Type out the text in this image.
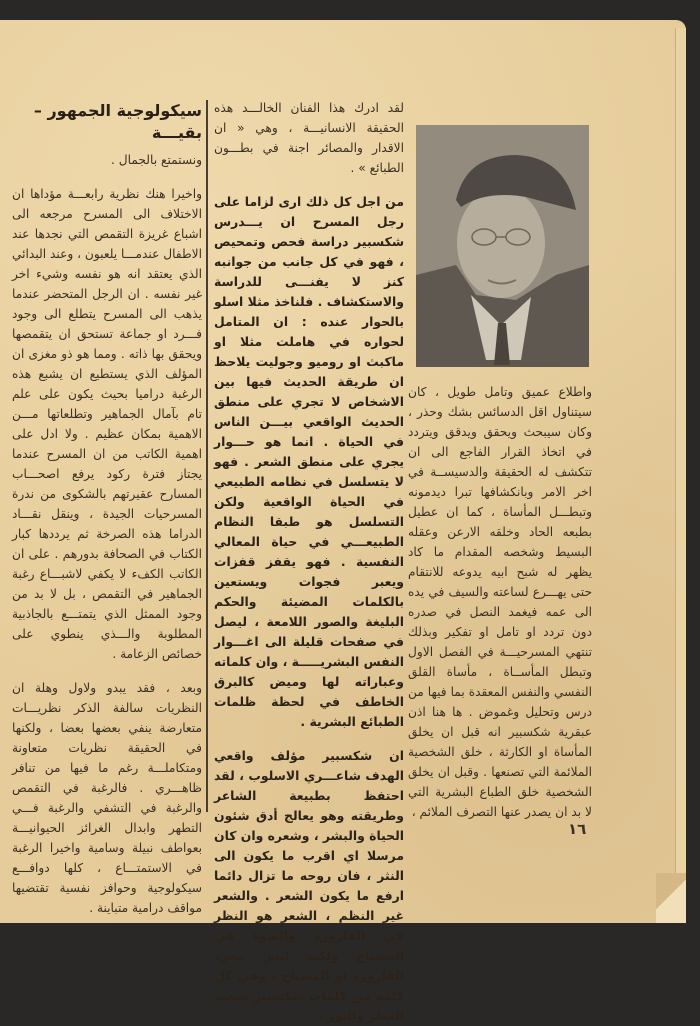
سيكولوجية الجمهور – بقيـــة

ونستمتع بالجمال .

واخيرا هنك نظرية رابعـــة مؤداها ان الاختلاف الى المسرح مرجعه الى اشباع غريزة التقمص التي نجدها عند الاطفال عندمـــا يلعبون ، وعند البدائي الذي يعتقد انه هو نفسه وشيء اخر غير نفسه . ان الرجل المتحضر عندما يذهب الى المسرح يتطلع الى وجود فـــرد او جماعة تستحق ان يتقمصها ويحقق بها ذاته . ومما هو ذو مغزى ان المؤلف الذي يستطيع ان يشبع هذه الرغبة دراميا بحيث يكون على علم تام بآمال الجماهير وتطلعاتها مـــن الاهمية بمكان عظيم . ولا ادل على اهمية الكاتب من ان المسرح عندما يجتاز فترة ركود يرفع اصحـــاب المسارح عقيرتهم بالشكوى من ندرة المسرحيات الجيدة ، وينقل نقـــاد الدراما هذه الصرخة ثم يرددها كبار الكتاب في الصحافة بدورهم . على ان الكاتب الكفء لا يكفي لاشبـــاع رغبة الجماهير في التقمص ، بل لا بد من وجود الممثل الذي يتمتـــع بالجاذبية المطلوبة والـــذي ينطوي على خصائص الزعامة .

وبعد ، فقد يبدو ولاول وهلة ان النظريات سالفة الذكر نظريـــات متعارضة ينفي بعضها بعضا ، ولكنها في الحقيقة نظريات متعاونة ومتكاملـــة رغم ما فيها من تنافر ظاهـــري . فالرغبة في التقمص والرغبة في التشفي والرغبة فـــي التطهر وابدال الغرائز الحيوانيـــة بعواطف نبيلة وسامية واخيرا الرغبة في الاستمتـــاع ، كلها دوافـــع سيكولوجية وحوافز نفسية تقتضيها مواقف درامية متباينة .

لقد ادرك هذا الفنان الخالـــد هذه الحقيقة الانسانيـــة ، وهي « ان الاقدار والمصائر اجنة في بطـــون الطبائع » .

من اجل كل ذلك ارى لزاما على رجل المسرح ان يـــدرس شكسبير دراسة فحص وتمحيص ، فهو في كل جانب من جوانبه كنز لا يفنـــى للدراسة والاستكشاف . فلناخذ مثلا اسلو بالحوار عنده : ان المتامل لحواره في هاملت مثلا او ماكبث او روميو وجوليت يلاحظ ان طريقة الحديث فيها بين الاشخاص لا تجري على منطق الحديث الواقعي بيـــن الناس في الحياة . انما هو حـــوار يجري على منطق الشعر . فهو لا يتسلسل في نظامه الطبيعي في الحياة الواقعية ولكن التسلسل هو طبقا النظام الطبيعـــي في حياة المعالي النفسية . فهو يقفز قفزات ويعبر فجوات ويستعين بالكلمات المضيئة والحكم البليغة والصور اللامعة ، ليصل في صفحات قليلة الى اغـــوار النفس البشريـــــة ، وان كلماته وعباراته لها وميض كالبرق الخاطف في لحظة ظلمات الطبائع البشرية .

ان شكسبير مؤلف واقعي الهدف شاعـــري الاسلوب ، لقد احتفظ بطبيعة الشاعر وطريقته وهو يعالج أدق شئون الحياة والبشر ، وشعره وان كان مرسلا اي اقرب ما يكون الى النثر ، فان روحه ما تزال دائما ارفع ما يكون الشعر . والشعر غير النظم ، الشعر هو النظر في القارورة والضوء في المصباح ولكنه ليس مجرد القارورة او المصباح ، وفي كل كلمة من كلمات شكسبير ينبعث العطر والنور .

واطلاع عميق وتامل طويل ، كان سيتناول اقل الدسائس بشك وحذر ، وكان سيبحث ويحقق ويدقق ويتردد في اتخاذ القرار الفاجع الى ان تتكشف له الحقيقة والدسيســة في اخر الامر وبانكشافها تبرا ديدمونه وتبطـــل المأساة ، كما ان عطيل بطبعه الحاد وخلقه الارعن وعقله البسيط وشخصه المقدام ما كاد يظهر له شبح ابيه يدوعه للانتقام حتى يهـــرع لساعته والسيف في يده الى عمه فيغمد النصل في صدره دون تردد او تامل او تفكير وبذلك تنتهي المسرحيـــة في الفصل الاول وتبطل المأســاة ، مأساة القلق النفسي والنفس المعقدة بما فيها من درس وتحليل وغموض . ها هنا اذن عبقرية شكسبير انه قبل ان يخلق المأساة او الكارثة ، خلق الشخصية الملائمة التي تصنعها . وقبل ان يخلق الشخصية خلق الطباع البشرية التي لا بد ان يصدر عنها التصرف الملائم ،

١٦
